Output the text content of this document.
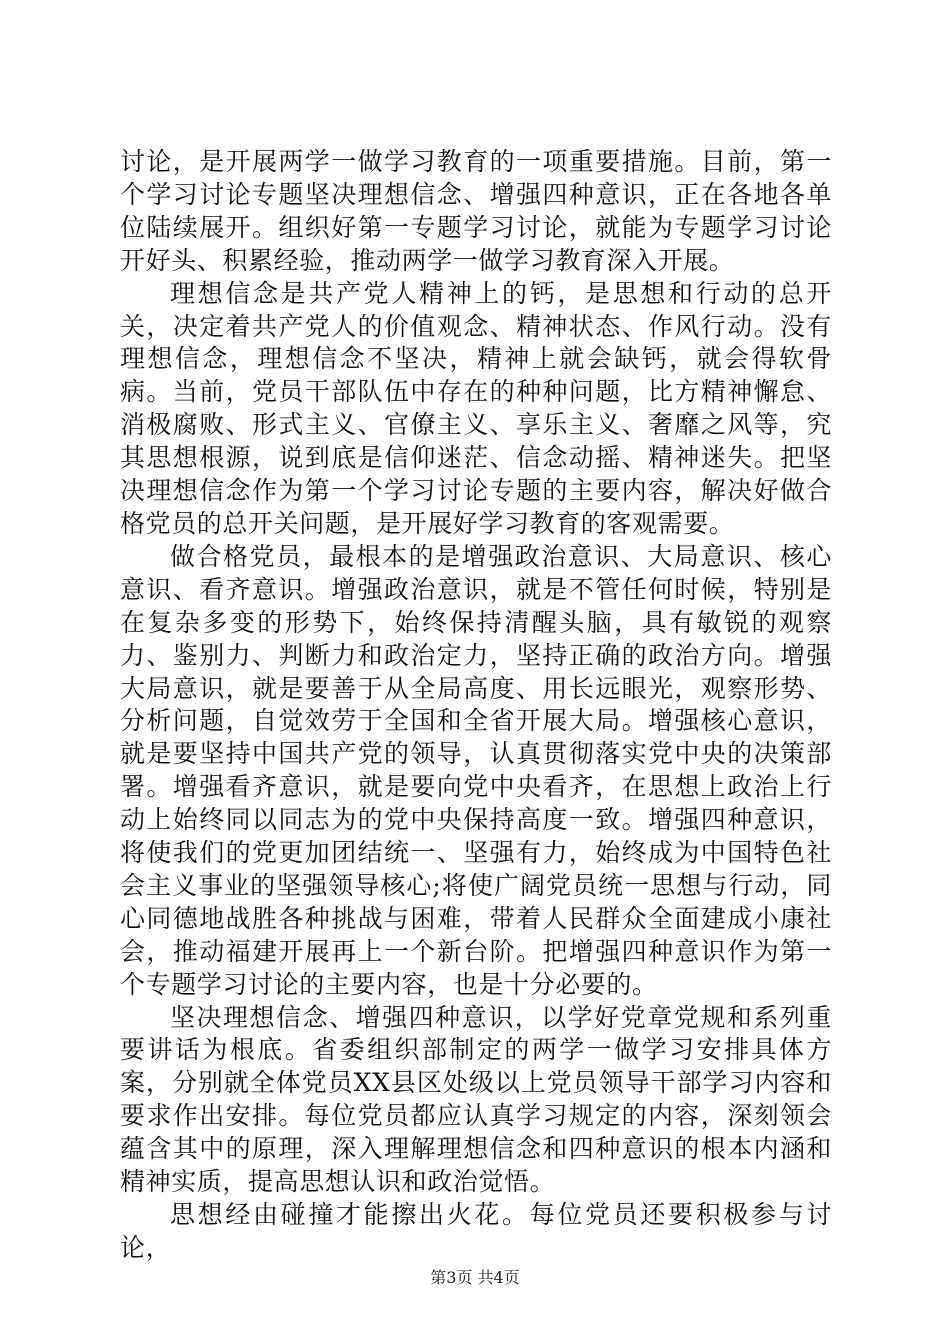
讨论，是开展两学一做学习教育的一项重要措施。目前，第一个学习讨论专题坚决理想信念、增强四种意识，正在各地各单位陆续展开。组织好第一专题学习讨论，就能为专题学习讨论开好头、积累经验，推动两学一做学习教育深入开展。

理想信念是共产党人精神上的钙，是思想和行动的总开关，决定着共产党人的价值观念、精神状态、作风行动。没有理想信念，理想信念不坚决，精神上就会缺钙，就会得软骨病。当前，党员干部队伍中存在的种种问题，比方精神懈怠、消极腐败、形式主义、官僚主义、享乐主义、奢靡之风等，究其思想根源，说到底是信仰迷茫、信念动摇、精神迷失。把坚决理想信念作为第一个学习讨论专题的主要内容，解决好做合格党员的总开关问题，是开展好学习教育的客观需要。

做合格党员，最根本的是增强政治意识、大局意识、核心意识、看齐意识。增强政治意识，就是不管任何时候，特别是在复杂多变的形势下，始终保持清醒头脑，具有敏锐的观察力、鉴别力、判断力和政治定力，坚持正确的政治方向。增强大局意识，就是要善于从全局高度、用长远眼光，观察形势、分析问题，自觉效劳于全国和全省开展大局。增强核心意识，就是要坚持中国共产党的领导，认真贯彻落实党中央的决策部署。增强看齐意识，就是要向党中央看齐，在思想上政治上行动上始终同以同志为的党中央保持高度一致。增强四种意识，将使我们的党更加团结统一、坚强有力，始终成为中国特色社会主义事业的坚强领导核心;将使广阔党员统一思想与行动，同心同德地战胜各种挑战与困难，带着人民群众全面建成小康社会，推动福建开展再上一个新台阶。把增强四种意识作为第一个专题学习讨论的主要内容，也是十分必要的。

坚决理想信念、增强四种意识，以学好党章党规和系列重要讲话为根底。省委组织部制定的两学一做学习安排具体方案，分别就全体党员XX县区处级以上党员领导干部学习内容和要求作出安排。每位党员都应认真学习规定的内容，深刻领会蕴含其中的原理，深入理解理想信念和四种意识的根本内涵和精神实质，提高思想认识和政治觉悟。

思想经由碰撞才能擦出火花。每位党员还要积极参与讨论，

第3页 共4页
